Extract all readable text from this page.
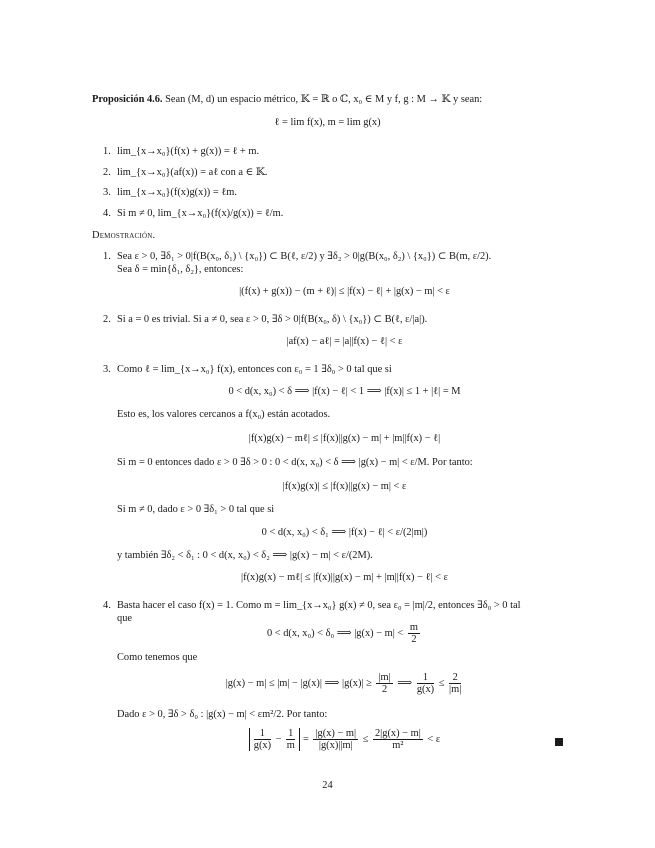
Proposición 4.6. Sean (M, d) un espacio métrico, 𝕂 = ℝ o ℂ, x₀ ∈ M y f, g : M → 𝕂 y sean:
ℓ = lim f(x), m = lim g(x)
1. lim_{x→x₀}(f(x) + g(x)) = ℓ + m.
2. lim_{x→x₀}(af(x)) = aℓ con a ∈ 𝕂.
3. lim_{x→x₀}(f(x)g(x)) = ℓm.
4. Si m ≠ 0, lim_{x→x₀}(f(x)/g(x)) = ℓ/m.
Demostración.
1. Sea ε > 0, ∃δ₁ > 0|f(B(x₀, δ₁) \ {x₀}) ⊂ B(ℓ, ε/2) y ∃δ₂ > 0|g(B(x₀, δ₂) \ {x₀}) ⊂ B(m, ε/2).
Sea δ = min{δ₁, δ₂}, entonces:
|(f(x) + g(x)) − (m + ℓ)| ≤ |f(x) − ℓ| + |g(x) − m| < ε
2. Si a = 0 es trivial. Si a ≠ 0, sea ε > 0, ∃δ > 0|f(B(x₀, δ) \ {x₀}) ⊂ B(ℓ, ε/|a|).
|af(x) − aℓ| = |a||f(x) − ℓ| < ε
3. Como ℓ = lim_{x→x₀} f(x), entonces con ε₀ = 1 ∃δ₀ > 0 tal que si
0 < d(x, x₀) < δ ⟹ |f(x) − ℓ| < 1 ⟹ |f(x)| ≤ 1 + |ℓ| = M
Esto es, los valores cercanos a f(x₀) están acotados.
|f(x)g(x) − mℓ| ≤ |f(x)||g(x) − m| + |m||f(x) − ℓ|
Si m = 0 entonces dado ε > 0 ∃δ > 0 : 0 < d(x, x₀) < δ ⟹ |g(x) − m| < ε/M. Por tanto:
|f(x)g(x)| ≤ |f(x)||g(x) − m| < ε
Si m ≠ 0, dado ε > 0 ∃δ₁ > 0 tal que si
0 < d(x, x₀) < δ₁ ⟹ |f(x) − ℓ| < ε/(2|m|)
y también ∃δ₂ < δ₁ : 0 < d(x, x₀) < δ₂ ⟹ |g(x) − m| < ε/(2M).
|f(x)g(x) − mℓ| ≤ |f(x)||g(x) − m| + |m||f(x) − ℓ| < ε
4. Basta hacer el caso f(x) = 1. Como m = lim_{x→x₀} g(x) ≠ 0, sea ε₀ = |m|/2, entonces ∃δ₀ > 0 tal
que
0 < d(x, x₀) < δ₀ ⟹ $|g(x) - m| < \frac{m}{2}$
Como tenemos que
|g(x) − m| ≤ |m| − |g(x)| ⟹ $|g(x)| \ge \frac{|m|}{2}$ ⟹ $\frac{1}{g(x)} \le \frac{2}{|m|}$
Dado ε > 0, ∃δ > δ₀ : |g(x) − m| < εm²/2. Por tanto:
$\frac{1}{g(x)} - \frac{1}{m} = \frac{|g(x) - m|}{|g(x)||m|} \le \frac{2|g(x) - m|}{\text{m²}} < \varepsilon$
24
